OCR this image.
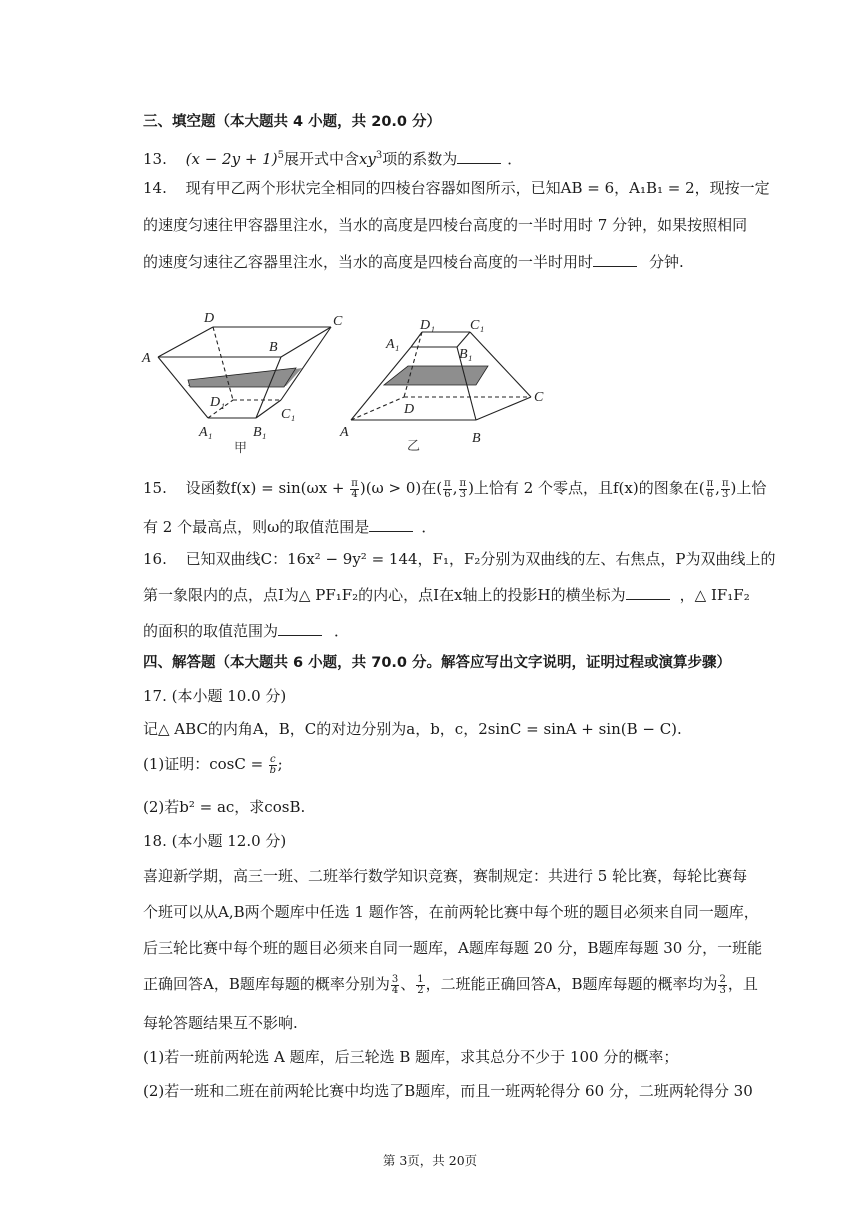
三、填空题（本大题共 4 小题，共 20.0 分）
13. $(x - 2y + 1)^5$展开式中含$xy^3$项的系数为	．
14. 现有甲乙两个形状完全相同的四棱台容器如图所示，已知AB = 6，A₁B₁ = 2，现按一定
的速度匀速往甲容器里注水，当水的高度是四棱台高度的一半时用时 7 分钟，如果按照相同
的速度匀速往乙容器里注水，当水的高度是四棱台高度的一半时用时	分钟.
D	C
A
B
D₁
C₁
A₁	B₁
甲
D₁	C₁
A₁
B₁
D
C
A	B
乙
15. 设函数$f(x) = \sin(\omega x + \frac{\pi}{4} )(\omega > 0)$在( $\frac{\pi}{6}$ , $\frac{\pi}{3}$ )上恰有 2 个零点，且f(x)的图象在( $\frac{\pi}{6}$ , $\frac{\pi}{3}$ )上恰
有 2 个最高点，则ω的取值范围是	．
16. 已知双曲线C：16x² − 9y² = 144，F₁，F₂分别为双曲线的左、右焦点，P为双曲线上的
第一象限内的点，点I为△ PF₁F₂的内心，点I在x轴上的投影H的横坐标为	，△ IF₁F₂
的面积的取值范围为	．
四、解答题（本大题共 6 小题，共 70.0 分。解答应写出文字说明，证明过程或演算步骤）
17. (本小题 10.0 分)
记△ ABC的内角A，B，C的对边分别为a，b，c，2sinC = sinA + sin(B − C).
(1)证明：$\cos C = \frac{c}{b}$ ;
(2)若b² = ac，求cosB.
18. (本小题 12.0 分)
喜迎新学期，高三一班、二班举行数学知识竞赛，赛制规定：共进行 5 轮比赛，每轮比赛每
个班可以从A,B两个题库中任选 1 题作答，在前两轮比赛中每个班的题目必须来自同一题库，
后三轮比赛中每个班的题目必须来自同一题库，A题库每题 20 分，B题库每题 30 分，一班能
正确回答A，B题库每题的概率分别为 $\frac{3}{4}$ 、 $\frac{1}{2}$ ，二班能正确回答A，B题库每题的概率均为 $\frac{2}{3}$ ，且
每轮答题结果互不影响.
(1)若一班前两轮选 A 题库，后三轮选 B 题库，求其总分不少于 100 分的概率；
(2)若一班和二班在前两轮比赛中均选了B题库，而且一班两轮得分 60 分，二班两轮得分 30
第 3页，共 20页
